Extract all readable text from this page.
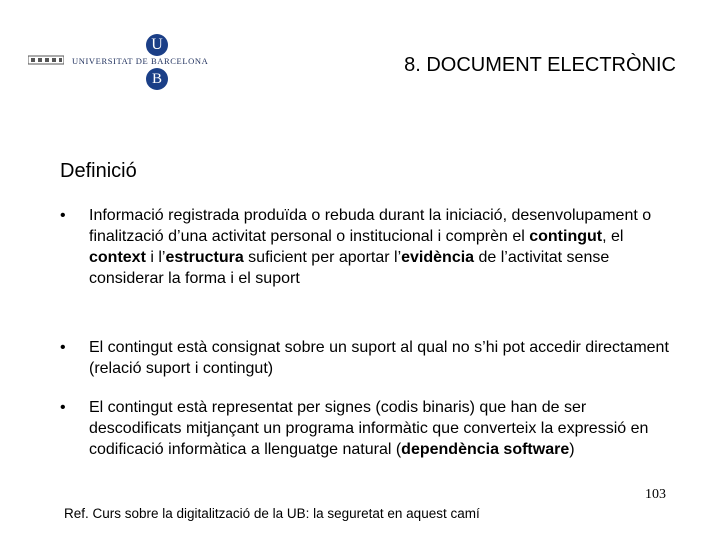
U
UNIVERSITAT DE BARCELONA
B
8. DOCUMENT ELECTRÒNIC
Definició
• Informació registrada produïda o rebuda durant la iniciació, desenvolupament o finalització d’una activitat personal o institucional i comprèn el contingut, el context i l’estructura suficient per aportar l’evidència de l’activitat sense considerar la forma i el suport
• El contingut està consignat sobre un suport al qual no s’hi pot accedir directament (relació suport i contingut)
• El contingut està representat per signes (codis binaris) que han de ser descodificats mitjançant un programa informàtic que converteix la expressió en codificació informàtica a llenguatge natural (dependència software)
103
Ref. Curs sobre la digitalització de la UB: la seguretat en aquest camí
